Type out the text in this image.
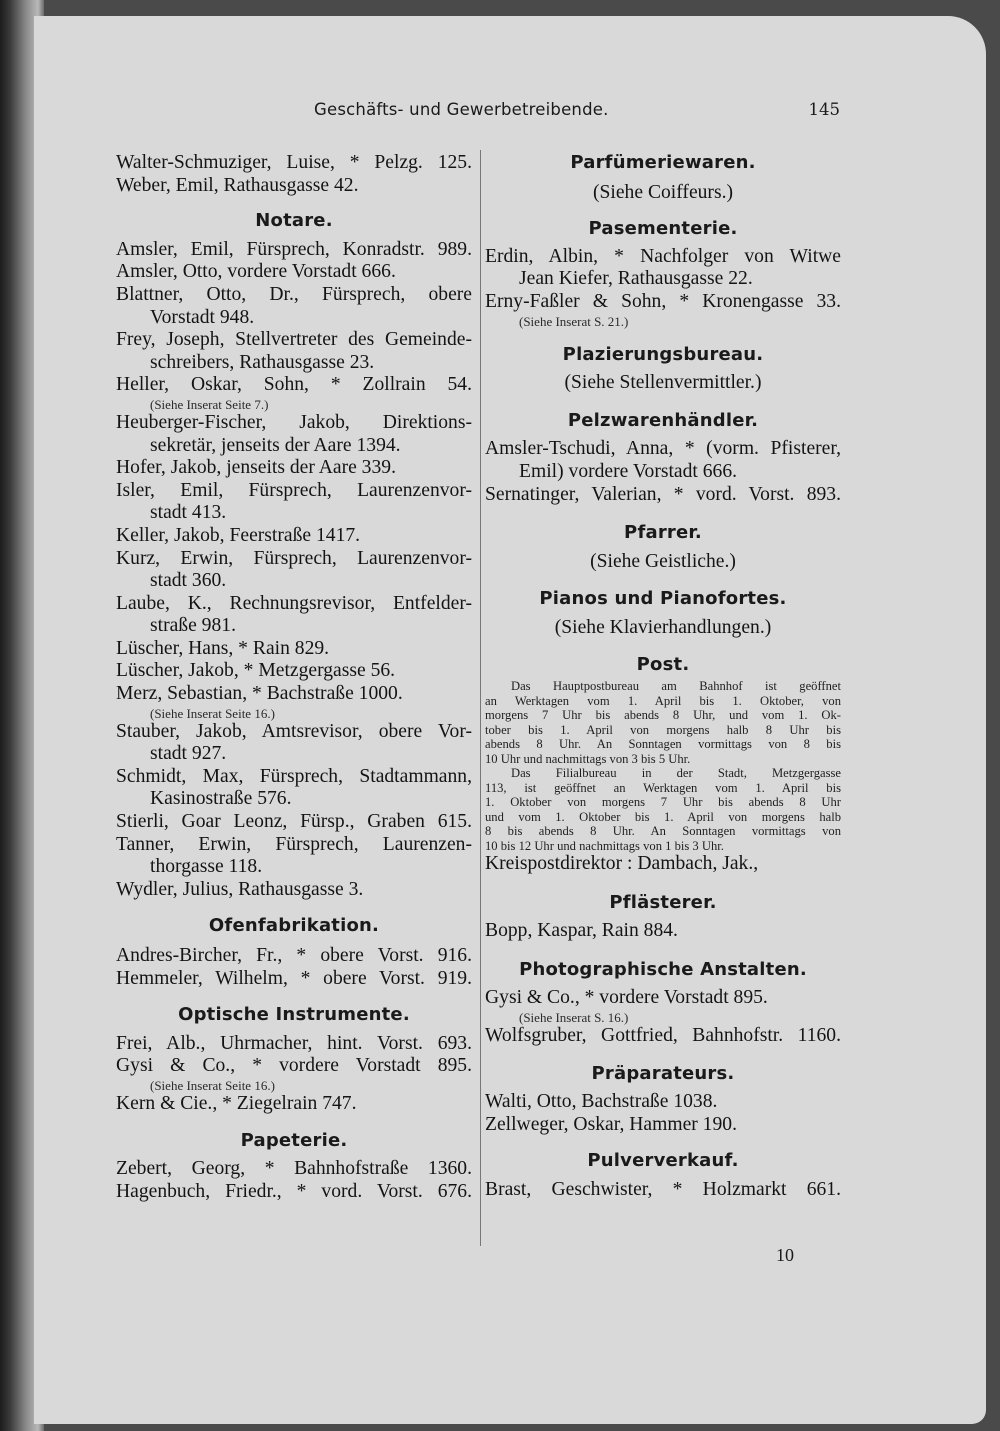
Geschäfts- und Gewerbetreibende.	145
Walter-Schmuziger, Luise, * Pelzg. 125.
Weber, Emil, Rathausgasse 42.
Notare.
Amsler, Emil, Fürsprech, Konradstr. 989.
Amsler, Otto, vordere Vorstadt 666.
Blattner, Otto, Dr., Fürsprech, obere
Vorstadt 948.
Frey, Joseph, Stellvertreter des Gemeinde-
schreibers, Rathausgasse 23.
Heller, Oskar, Sohn, * Zollrain 54.
(Siehe Inserat Seite 7.)
Heuberger-Fischer, Jakob, Direktions-
sekretär, jenseits der Aare 1394.
Hofer, Jakob, jenseits der Aare 339.
Isler, Emil, Fürsprech, Laurenzenvor-
stadt 413.
Keller, Jakob, Feerstraße 1417.
Kurz, Erwin, Fürsprech, Laurenzenvor-
stadt 360.
Laube, K., Rechnungsrevisor, Entfelder-
straße 981.
Lüscher, Hans, * Rain 829.
Lüscher, Jakob, * Metzgergasse 56.
Merz, Sebastian, * Bachstraße 1000.
(Siehe Inserat Seite 16.)
Stauber, Jakob, Amtsrevisor, obere Vor-
stadt 927.
Schmidt, Max, Fürsprech, Stadtammann,
Kasinostraße 576.
Stierli, Goar Leonz, Fürsp., Graben 615.
Tanner, Erwin, Fürsprech, Laurenzen-
thorgasse 118.
Wydler, Julius, Rathausgasse 3.
Ofenfabrikation.
Andres-Bircher, Fr., * obere Vorst. 916.
Hemmeler, Wilhelm, * obere Vorst. 919.
Optische Instrumente.
Frei, Alb., Uhrmacher, hint. Vorst. 693.
Gysi & Co., * vordere Vorstadt 895.
(Siehe Inserat Seite 16.)
Kern & Cie., * Ziegelrain 747.
Papeterie.
Zebert, Georg, * Bahnhofstraße 1360.
Hagenbuch, Friedr., * vord. Vorst. 676.
Parfümeriewaren.
(Siehe Coiffeurs.)
Pasementerie.
Erdin, Albin, * Nachfolger von Witwe
Jean Kiefer, Rathausgasse 22.
Erny-Faßler & Sohn, * Kronengasse 33.
(Siehe Inserat S. 21.)
Plazierungsbureau.
(Siehe Stellenvermittler.)
Pelzwarenhändler.
Amsler-Tschudi, Anna, * (vorm. Pfisterer,
Emil) vordere Vorstadt 666.
Sernatinger, Valerian, * vord. Vorst. 893.
Pfarrer.
(Siehe Geistliche.)
Pianos und Pianofortes.
(Siehe Klavierhandlungen.)
Post.
Das Hauptpostbureau am Bahnhof ist geöffnet
an Werktagen vom 1. April bis 1. Oktober, von
morgens 7 Uhr bis abends 8 Uhr, und vom 1. Ok-
tober bis 1. April von morgens halb 8 Uhr bis
abends 8 Uhr. An Sonntagen vormittags von 8 bis
10 Uhr und nachmittags von 3 bis 5 Uhr.
Das Filialbureau in der Stadt, Metzgergasse
113, ist geöffnet an Werktagen vom 1. April bis
1. Oktober von morgens 7 Uhr bis abends 8 Uhr
und vom 1. Oktober bis 1. April von morgens halb
8 bis abends 8 Uhr. An Sonntagen vormittags von
10 bis 12 Uhr und nachmittags von 1 bis 3 Uhr.
Kreispostdirektor : Dambach, Jak.,
Pflästerer.
Bopp, Kaspar, Rain 884.
Photographische Anstalten.
Gysi & Co., * vordere Vorstadt 895.
(Siehe Inserat S. 16.)
Wolfsgruber, Gottfried, Bahnhofstr. 1160.
Präparateurs.
Walti, Otto, Bachstraße 1038.
Zellweger, Oskar, Hammer 190.
Pulververkauf.
Brast, Geschwister, * Holzmarkt 661.
10
